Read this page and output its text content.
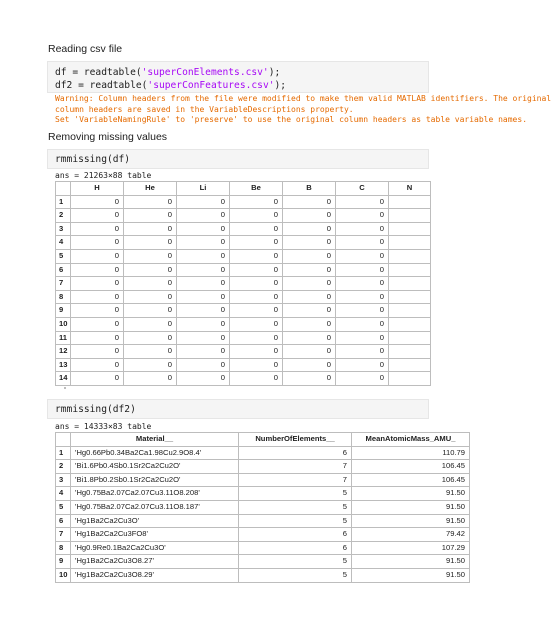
Reading csv file
df = readtable('superConElements.csv');
df2 = readtable('superConFeatures.csv');
Warning: Column headers from the file were modified to make them valid MATLAB identifiers. The original
column headers are saved in the VariableDescriptions property.
Set 'VariableNamingRule' to 'preserve' to use the original column headers as table variable names.
Removing missing values
rmmissing(df)
ans = 21263×88 table
	H	He	Li	Be	B	C	N
1	0	0	0	0	0	0	
2	0	0	0	0	0	0	
3	0	0	0	0	0	0	
4	0	0	0	0	0	0	
5	0	0	0	0	0	0	
6	0	0	0	0	0	0	
7	0	0	0	0	0	0	
8	0	0	0	0	0	0	
9	0	0	0	0	0	0	
10	0	0	0	0	0	0	
11	0	0	0	0	0	0	
12	0	0	0	0	0	0	
13	0	0	0	0	0	0	
14	0	0	0	0	0	0	
rmmissing(df2)
ans = 14333×83 table
	Material__	NumberOfElements__	MeanAtomicMass_AMU_
1	'Hg0.66Pb0.34Ba2Ca1.98Cu2.9O8.4'	6	110.79
2	'Bi1.6Pb0.4Sb0.1Sr2Ca2Cu2O'	7	106.45
3	'Bi1.8Pb0.2Sb0.1Sr2Ca2Cu2O'	7	106.45
4	'Hg0.75Ba2.07Ca2.07Cu3.11O8.208'	5	91.50
5	'Hg0.75Ba2.07Ca2.07Cu3.11O8.187'	5	91.50
6	'Hg1Ba2Ca2Cu3O'	5	91.50
7	'Hg1Ba2Ca2Cu3FO8'	6	79.42
8	'Hg0.9Re0.1Ba2Ca2Cu3O'	6	107.29
9	'Hg1Ba2Ca2Cu3O8.27'	5	91.50
10	'Hg1Ba2Ca2Cu3O8.29'	5	91.50
